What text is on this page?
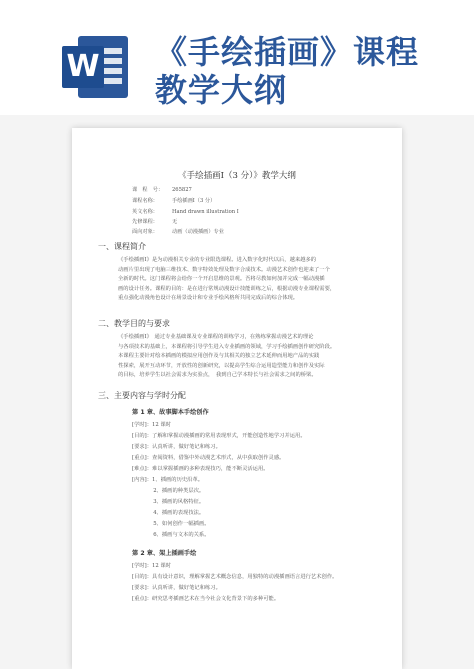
W 《手绘插画》课程
教学大纲
《手绘插画Ⅰ（3 分）》教学大纲
课　程　号： 265827
课程名称：	手绘插画Ⅰ（3 分）
英文名称：	Hand drawn illustration Ⅰ
先修课程：	无
面向对象：	动画（动漫插画）专业
一、课程简介
《手绘插画Ⅰ》是为动漫相关专业的专业限选课程。进入数字化时代以后，越来越多的
动画片里出现了电脑三维技术、数字特效处理及数字合成技术。动漫艺术创作也迎来了一个
全新的时代。这门课程将会给你一个开启思维的景观。吾将尽教如何加并完成一幅动漫插
画的设计任务。课程的目的：是在进行常规动漫设计技能训练之后，根据动漫专业课程需要，
重点强化动漫角色设计在场景设计和专业手绘风格所共同完成后的综合体现。
二、教学目的与要求
《手绘插画Ⅰ》　通过专业基础课及专业课程的训练学习，在熟练掌握动漫艺术的理论
与各项技术的基础上，本课程将引导学生进入专业插画的领域，学习手绘插画创作研究阶段。
本课程主要针对绘本插画的模拟应用创作及与其相关的独立艺术延伸而用地产品的实践
性探索，展开互动环节，开放性的创新研究，以提高学生综合运用造型能力和创作及实际
的目标，培养学生以社会需求为实验点，　我到自己学本特长与社会需求之间的桥梁。
三、主要内容与学时分配
第 1 章、故事脚本手绘创作
[学时]：12 课时
[目的]：了解和掌握动漫插画的常用表现形式，开能创造性地学习并运用。
[要求]：认真听讲，做好笔记和练习。
[重点]：查阅资料，借鉴中外动漫艺术形式，从中获取创作灵感。
[难点]：难以掌握插画的多种表现技巧，能不断灵活运用。
[内容]：1、插画的历史沿革。
　　　　2、插画的种类层次。
　　　　3、插画的风格特征。
　　　　4、插画的表现技法。
　　　　5、如何创作一幅插画。
　　　　6、插画与文本的关系。
第 2 章、架上插画手绘
[学时]：12 课时
[目的]：具有设计意识，理解掌握艺术概念信息，用独特的动漫插画语言进行艺术创作。
[要求]：认真听讲，做好笔记和练习。
[重点]：研究思考插画艺术在当今社会文化背景下的多种可能。
